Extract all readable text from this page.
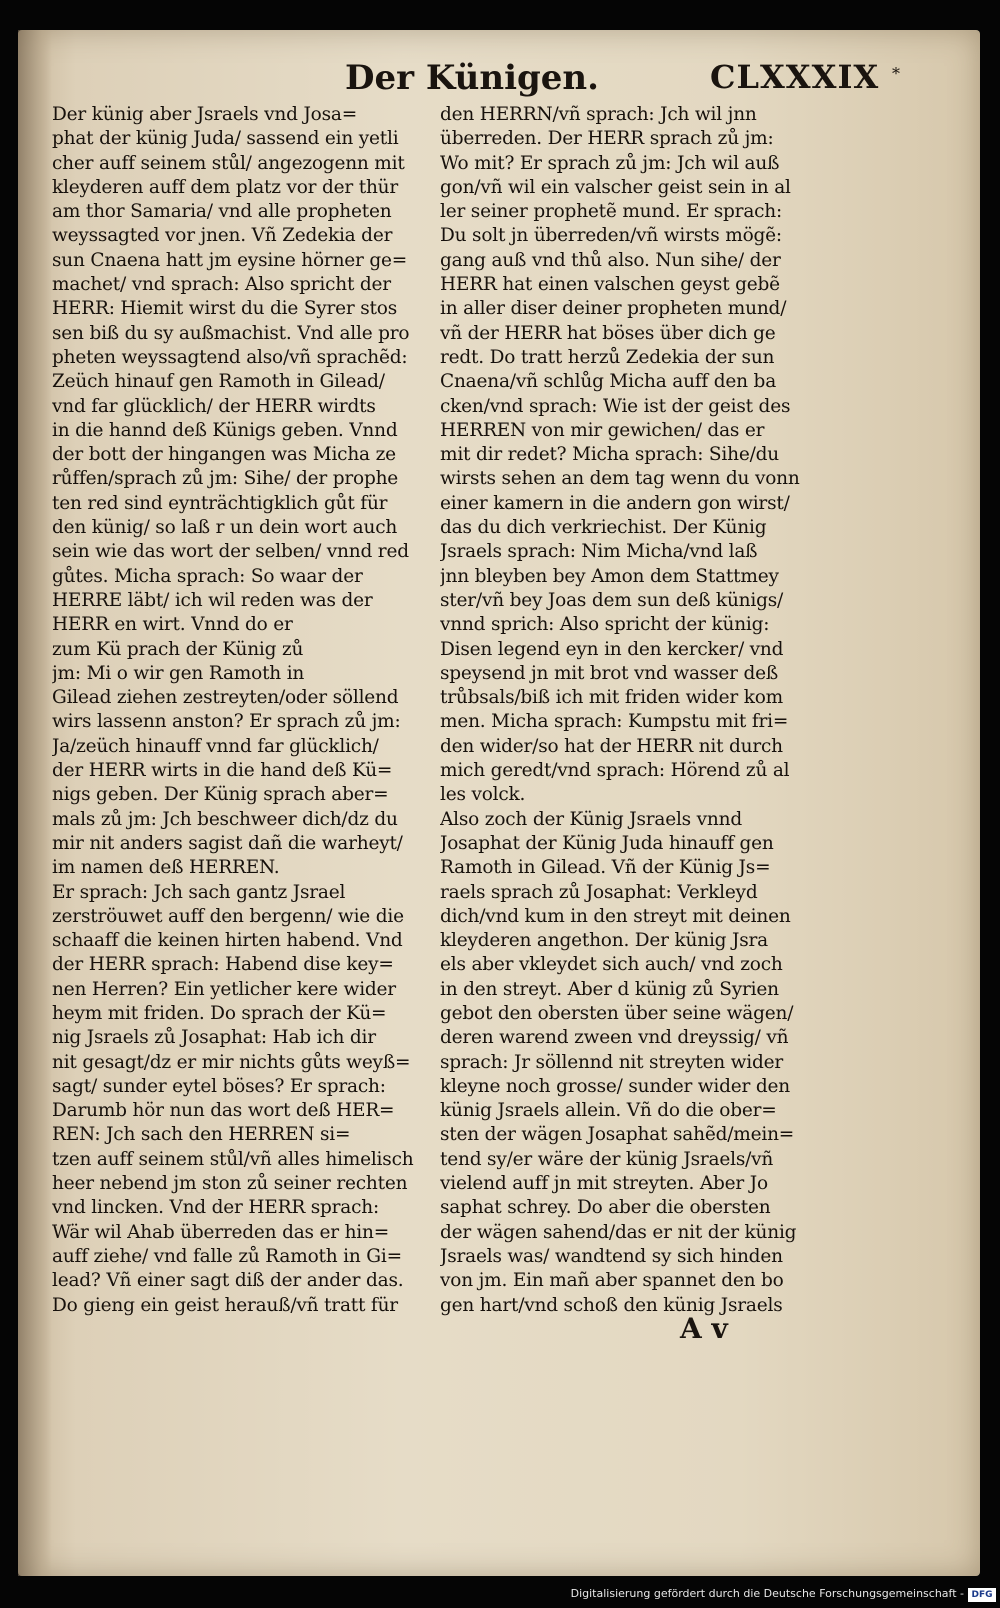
Der Künigen.	CLXXXIX *
Der künig aber Jsraels vnd Josa=
phat der künig Juda/ sassend ein yetli
cher auff seinem stůl/ angezogenn mit
kleyderen auff dem platz vor der thür
am thor Samaria/ vnd alle propheten
weyssagted vor jnen. Vñ Zedekia der
sun Cnaena hatt jm eysine hörner ge=
machet/ vnd sprach: Also spricht der
HERR: Hiemit wirst du die Syrer stos
sen biß du sy außmachist. Vnd alle pro
pheten weyssagtend also/vñ sprachẽd:
Zeüch hinauf gen Ramoth in Gilead/
vnd far glücklich/ der HERR wirdts
in die hannd deß Künigs geben. Vnnd
der bott der hingangen was Micha ze
růffen/sprach zů jm: Sihe/ der prophe
ten red sind eynträchtigklich gůt für
den künig/ so laß r un dein wort auch
sein wie das wort der selben/ vnnd red
gůtes. Micha sprach: So waar der
HERRE läbt/ ich wil reden was der
HERR en wirt. Vnnd do er
zum Kü prach der Künig zů
jm: Mi o wir gen Ramoth in
Gilead ziehen zestreyten/oder söllend
wirs lassenn anston? Er sprach zů jm:
Ja/zeüch hinauff vnnd far glücklich/
der HERR wirts in die hand deß Kü=
nigs geben. Der Künig sprach aber=
mals zů jm: Jch beschweer dich/dz du
mir nit anders sagist dañ die warheyt/
im namen deß HERREN.
Er sprach: Jch sach gantz Jsrael
zerströuwet auff den bergenn/ wie die
schaaff die keinen hirten habend. Vnd
der HERR sprach: Habend dise key=
nen Herren? Ein yetlicher kere wider
heym mit friden. Do sprach der Kü=
nig Jsraels zů Josaphat: Hab ich dir
nit gesagt/dz er mir nichts gůts weyß=
sagt/ sunder eytel böses? Er sprach:
Darumb hör nun das wort deß HER=
REN: Jch sach den HERREN si=
tzen auff seinem stůl/vñ alles himelisch
heer nebend jm ston zů seiner rechten
vnd lincken. Vnd der HERR sprach:
Wär wil Ahab überreden das er hin=
auff ziehe/ vnd falle zů Ramoth in Gi=
lead? Vñ einer sagt diß der ander das.
Do gieng ein geist herauß/vñ tratt für
den HERRN/vñ sprach: Jch wil jnn
überreden. Der HERR sprach zů jm:
Wo mit? Er sprach zů jm: Jch wil auß
gon/vñ wil ein valscher geist sein in al
ler seiner prophetẽ mund. Er sprach:
Du solt jn überreden/vñ wirsts mögẽ:
gang auß vnd thů also. Nun sihe/ der
HERR hat einen valschen geyst gebẽ
in aller diser deiner propheten mund/
vñ der HERR hat böses über dich ge
redt. Do tratt herzů Zedekia der sun
Cnaena/vñ schlůg Micha auff den ba
cken/vnd sprach: Wie ist der geist des
HERREN von mir gewichen/ das er
mit dir redet? Micha sprach: Sihe/du
wirsts sehen an dem tag wenn du vonn
einer kamern in die andern gon wirst/
das du dich verkriechist. Der Künig
Jsraels sprach: Nim Micha/vnd laß
jnn bleyben bey Amon dem Stattmey
ster/vñ bey Joas dem sun deß künigs/
vnnd sprich: Also spricht der künig:
Disen legend eyn in den kercker/ vnd
speysend jn mit brot vnd wasser deß
trůbsals/biß ich mit friden wider kom
men. Micha sprach: Kumpstu mit fri=
den wider/so hat der HERR nit durch
mich geredt/vnd sprach: Hörend zů al
les volck.
Also zoch der Künig Jsraels vnnd
Josaphat der Künig Juda hinauff gen
Ramoth in Gilead. Vñ der Künig Js=
raels sprach zů Josaphat: Verkleyd
dich/vnd kum in den streyt mit deinen
kleyderen angethon. Der künig Jsra
els aber vkleydet sich auch/ vnd zoch
in den streyt. Aber d künig zů Syrien
gebot den obersten über seine wägen/
deren warend zween vnd dreyssig/ vñ
sprach: Jr söllennd nit streyten wider
kleyne noch grosse/ sunder wider den
künig Jsraels allein. Vñ do die ober=
sten der wägen Josaphat sahẽd/mein=
tend sy/er wäre der künig Jsraels/vñ
vielend auff jn mit streyten. Aber Jo
saphat schrey. Do aber die obersten
der wägen sahend/das er nit der künig
Jsraels was/ wandtend sy sich hinden
von jm. Ein mañ aber spannet den bo
gen hart/vnd schoß den künig Jsraels
A v
Digitalisierung gefördert durch die Deutsche Forschungsgemeinschaft - DFG
